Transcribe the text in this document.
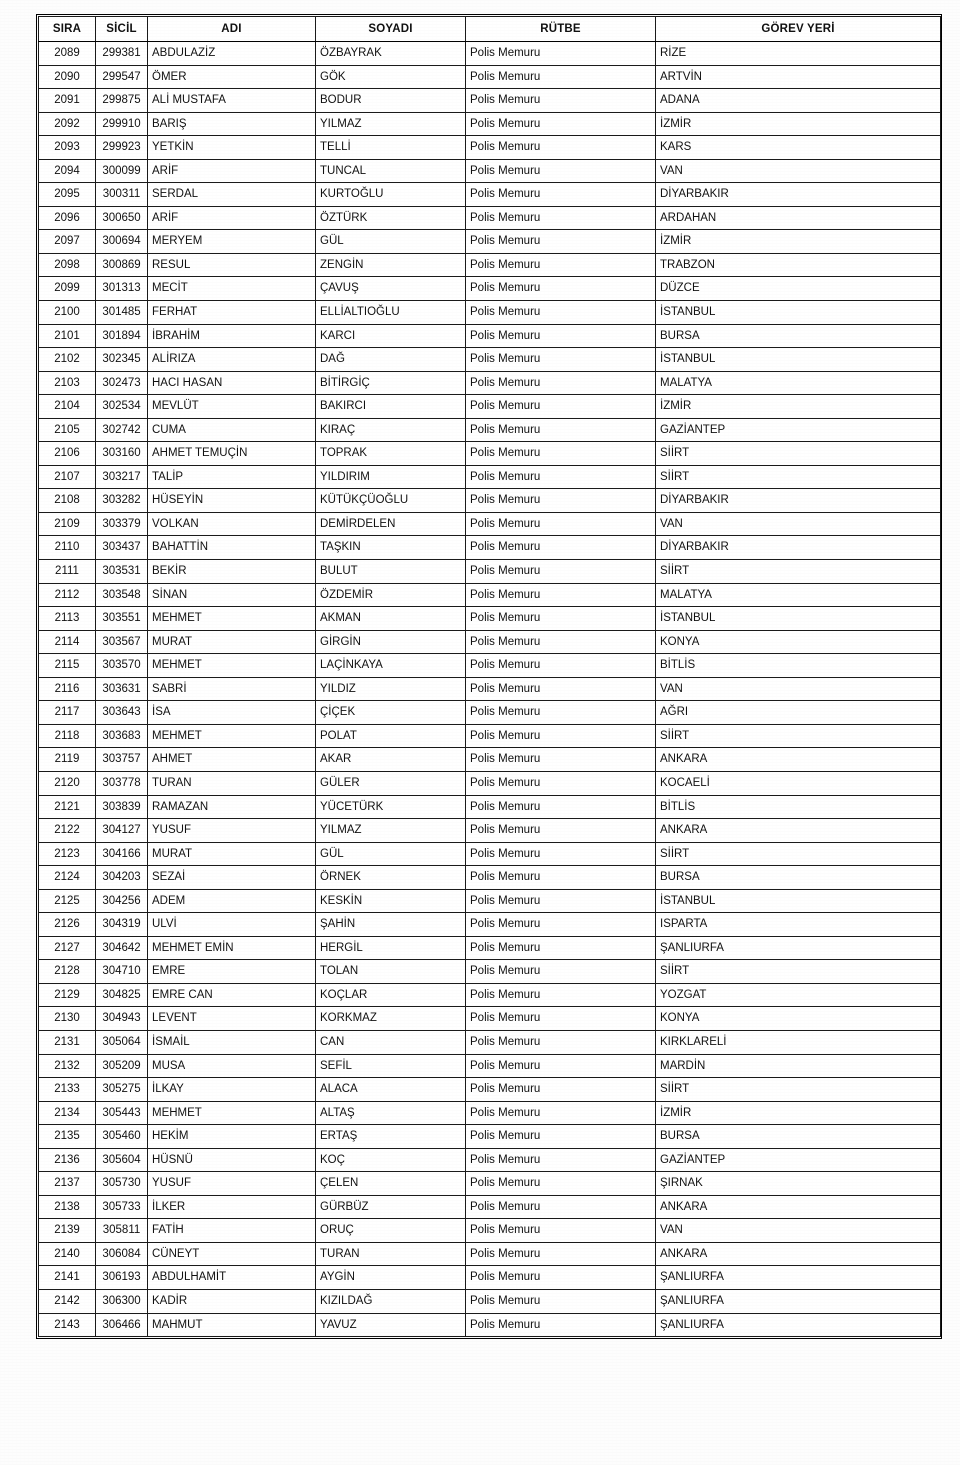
SIRA	SİCİL	ADI	SOYADI	RÜTBE	GÖREV YERİ
2089	299381	ABDULAZİZ	ÖZBAYRAK	Polis Memuru	RİZE
2090	299547	ÖMER	GÖK	Polis Memuru	ARTVİN
2091	299875	ALİ MUSTAFA	BODUR	Polis Memuru	ADANA
2092	299910	BARIŞ	YILMAZ	Polis Memuru	İZMİR
2093	299923	YETKİN	TELLİ	Polis Memuru	KARS
2094	300099	ARİF	TUNCAL	Polis Memuru	VAN
2095	300311	SERDAL	KURTOĞLU	Polis Memuru	DİYARBAKIR
2096	300650	ARİF	ÖZTÜRK	Polis Memuru	ARDAHAN
2097	300694	MERYEM	GÜL	Polis Memuru	İZMİR
2098	300869	RESUL	ZENGİN	Polis Memuru	TRABZON
2099	301313	MECİT	ÇAVUŞ	Polis Memuru	DÜZCE
2100	301485	FERHAT	ELLİALTIOĞLU	Polis Memuru	İSTANBUL
2101	301894	İBRAHİM	KARCI	Polis Memuru	BURSA
2102	302345	ALİRIZA	DAĞ	Polis Memuru	İSTANBUL
2103	302473	HACI HASAN	BİTİRGİÇ	Polis Memuru	MALATYA
2104	302534	MEVLÜT	BAKIRCI	Polis Memuru	İZMİR
2105	302742	CUMA	KIRAÇ	Polis Memuru	GAZİANTEP
2106	303160	AHMET TEMUÇİN	TOPRAK	Polis Memuru	SİİRT
2107	303217	TALİP	YILDIRIM	Polis Memuru	SİİRT
2108	303282	HÜSEYİN	KÜTÜKÇÜOĞLU	Polis Memuru	DİYARBAKIR
2109	303379	VOLKAN	DEMİRDELEN	Polis Memuru	VAN
2110	303437	BAHATTİN	TAŞKIN	Polis Memuru	DİYARBAKIR
2111	303531	BEKİR	BULUT	Polis Memuru	SİİRT
2112	303548	SİNAN	ÖZDEMİR	Polis Memuru	MALATYA
2113	303551	MEHMET	AKMAN	Polis Memuru	İSTANBUL
2114	303567	MURAT	GİRGİN	Polis Memuru	KONYA
2115	303570	MEHMET	LAÇİNKAYA	Polis Memuru	BİTLİS
2116	303631	SABRİ	YILDIZ	Polis Memuru	VAN
2117	303643	İSA	ÇİÇEK	Polis Memuru	AĞRI
2118	303683	MEHMET	POLAT	Polis Memuru	SİİRT
2119	303757	AHMET	AKAR	Polis Memuru	ANKARA
2120	303778	TURAN	GÜLER	Polis Memuru	KOCAELİ
2121	303839	RAMAZAN	YÜCETÜRK	Polis Memuru	BİTLİS
2122	304127	YUSUF	YILMAZ	Polis Memuru	ANKARA
2123	304166	MURAT	GÜL	Polis Memuru	SİİRT
2124	304203	SEZAİ	ÖRNEK	Polis Memuru	BURSA
2125	304256	ADEM	KESKİN	Polis Memuru	İSTANBUL
2126	304319	ULVİ	ŞAHİN	Polis Memuru	ISPARTA
2127	304642	MEHMET EMİN	HERGİL	Polis Memuru	ŞANLIURFA
2128	304710	EMRE	TOLAN	Polis Memuru	SİİRT
2129	304825	EMRE CAN	KOÇLAR	Polis Memuru	YOZGAT
2130	304943	LEVENT	KORKMAZ	Polis Memuru	KONYA
2131	305064	İSMAİL	CAN	Polis Memuru	KIRKLARELİ
2132	305209	MUSA	SEFİL	Polis Memuru	MARDİN
2133	305275	İLKAY	ALACA	Polis Memuru	SİİRT
2134	305443	MEHMET	ALTAŞ	Polis Memuru	İZMİR
2135	305460	HEKİM	ERTAŞ	Polis Memuru	BURSA
2136	305604	HÜSNÜ	KOÇ	Polis Memuru	GAZİANTEP
2137	305730	YUSUF	ÇELEN	Polis Memuru	ŞIRNAK
2138	305733	İLKER	GÜRBÜZ	Polis Memuru	ANKARA
2139	305811	FATİH	ORUÇ	Polis Memuru	VAN
2140	306084	CÜNEYT	TURAN	Polis Memuru	ANKARA
2141	306193	ABDULHAMİT	AYGİN	Polis Memuru	ŞANLIURFA
2142	306300	KADİR	KIZILDAĞ	Polis Memuru	ŞANLIURFA
2143	306466	MAHMUT	YAVUZ	Polis Memuru	ŞANLIURFA
